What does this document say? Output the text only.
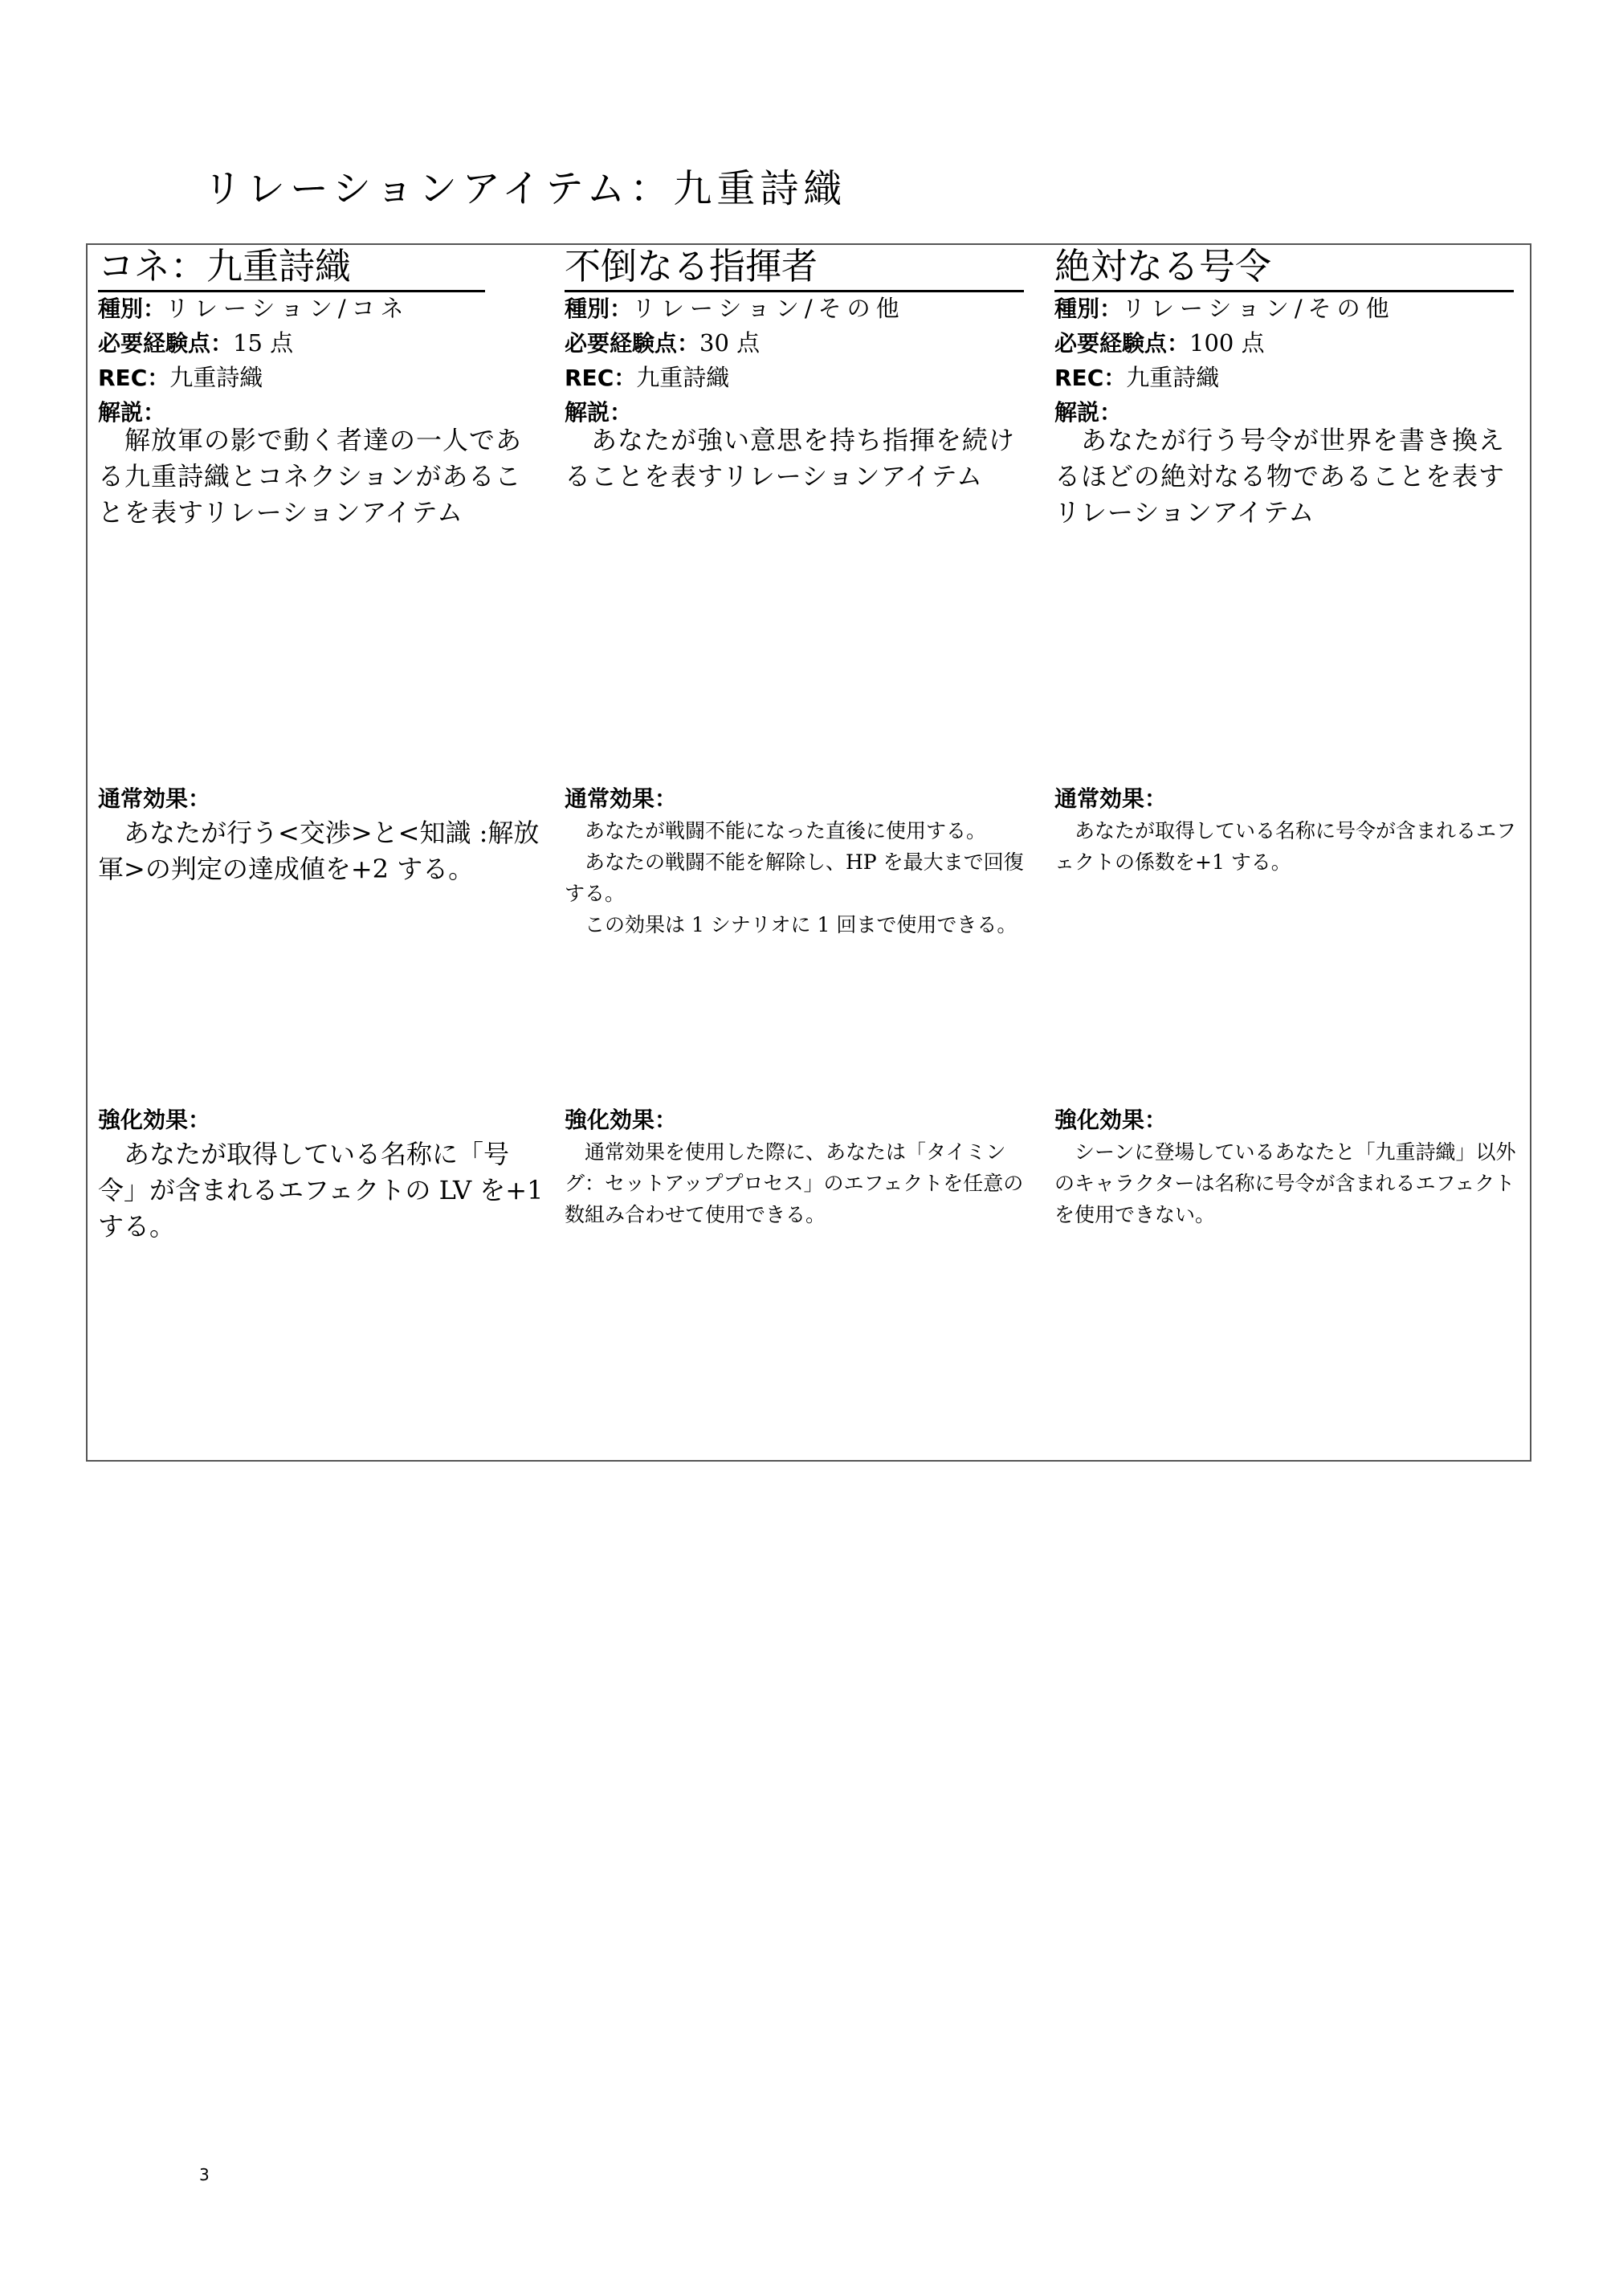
リレーションアイテム：九重詩織
コネ：九重詩織
種別：リレーション/コネ
必要経験点：15 点
REC：九重詩織
解説：
　解放軍の影で動く者達の一人である九重詩織とコネクションがあることを表すリレーションアイテム
通常効果：

　あなたが行う<交渉>と<知識 :解放軍>の判定の達成値を+2 する。

強化効果：

　あなたが取得している名称に「号令」が含まれるエフェクトの LV を+1 する。

不倒なる指揮者
種別：リレーション/その他
必要経験点：30 点
REC：九重詩織
解説：
　あなたが強い意思を持ち指揮を続けることを表すリレーションアイテム
通常効果：

　あなたが戦闘不能になった直後に使用する。

　あなたの戦闘不能を解除し、HP を最大まで回復する。

　この効果は 1 シナリオに 1 回まで使用できる。

強化効果：

　通常効果を使用した際に、あなたは「タイミング：セットアッププロセス」のエフェクトを任意の数組み合わせて使用できる。

絶対なる号令
種別：リレーション/その他
必要経験点：100 点
REC：九重詩織
解説：
　あなたが行う号令が世界を書き換えるほどの絶対なる物であることを表すリレーションアイテム
通常効果：

　あなたが取得している名称に号令が含まれるエフェクトの係数を+1 する。

強化効果：

　シーンに登場しているあなたと「九重詩織」以外のキャラクターは名称に号令が含まれるエフェクトを使用できない。

3
